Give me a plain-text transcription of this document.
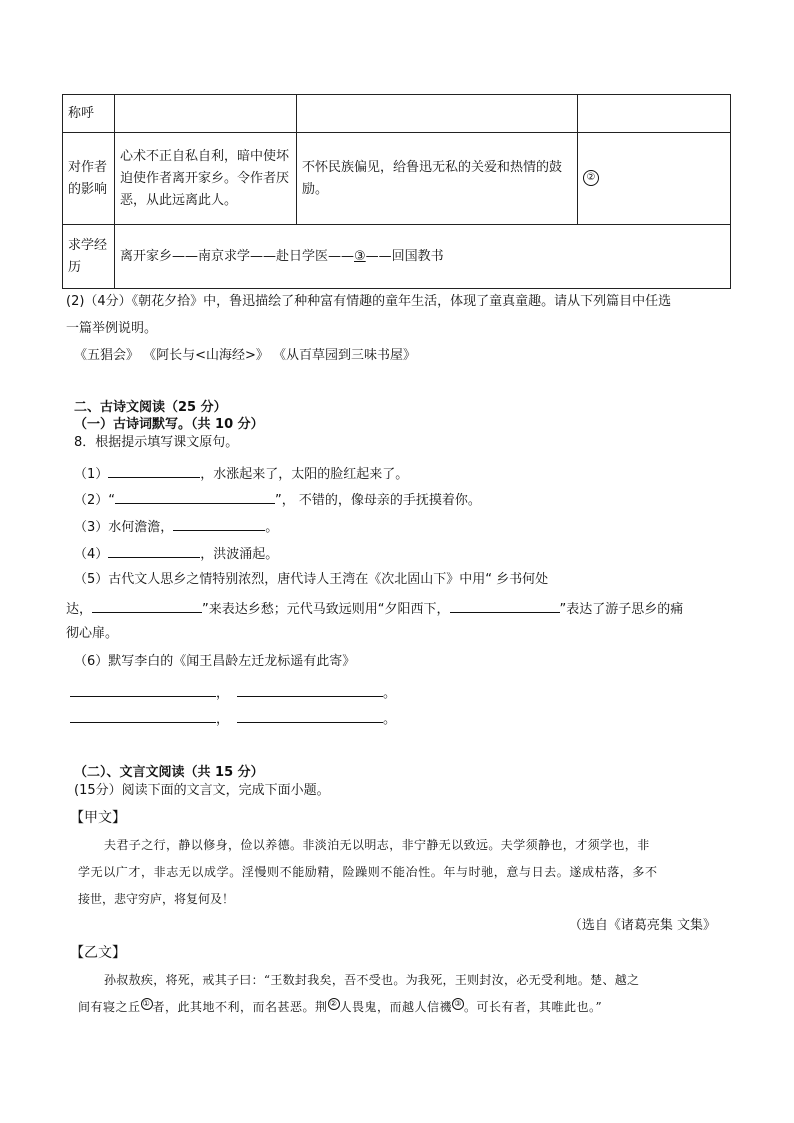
称呼			
对作者的影响	心术不正自私自利，暗中使坏迫使作者离开家乡。令作者厌恶，从此远离此人。	不怀民族偏见，给鲁迅无私的关爱和热情的鼓励。	②
求学经历	离开家乡——南京求学——赴日学医——③——回国教书		
(2)（4分）《朝花夕拾》中，鲁迅描绘了种种富有情趣的童年生活，体现了童真童趣。请从下列篇目中任选
一篇举例说明。
《五猖会》 《阿长与<山海经>》 《从百草园到三味书屋》
二、古诗文阅读（25 分）
（一）古诗词默写。（共 10 分）
8．根据提示填写课文原句。
（1）	，水涨起来了，太阳的脸红起来了。
（2）“	”， 不错的，像母亲的手抚摸着你。
（3）水何澹澹，	。
（4）	，洪波涌起。
（5）古代文人思乡之情特别浓烈，唐代诗人王湾在《次北固山下》中用“ 乡书何处
达，	”来表达乡愁；元代马致远则用“夕阳西下，	”表达了游子思乡的痛
彻心扉。
（6）默写李白的《闻王昌龄左迁龙标遥有此寄》
，	。
，	。
（二）、文言文阅读（共 15 分）
(15分）阅读下面的文言文，完成下面小题。
【甲文】
夫君子之行，静以修身，俭以养德。非淡泊无以明志，非宁静无以致远。夫学须静也，才须学也，非
学无以广才，非志无以成学。淫慢则不能励精，险躁则不能冶性。年与时驰，意与日去。遂成枯落，多不
接世，悲守穷庐，将复何及！
（选自《诸葛亮集 文集》
【乙文】
孙叔敖疾，将死，戒其子曰：“王数封我矣，吾不受也。为我死，王则封汝，必无受利地。楚、越之
间有寝之丘 ① 者，此其地不利，而名甚恶。荆 ② 人畏鬼，而越人信禨 ③ 。可长有者，其唯此也。”
